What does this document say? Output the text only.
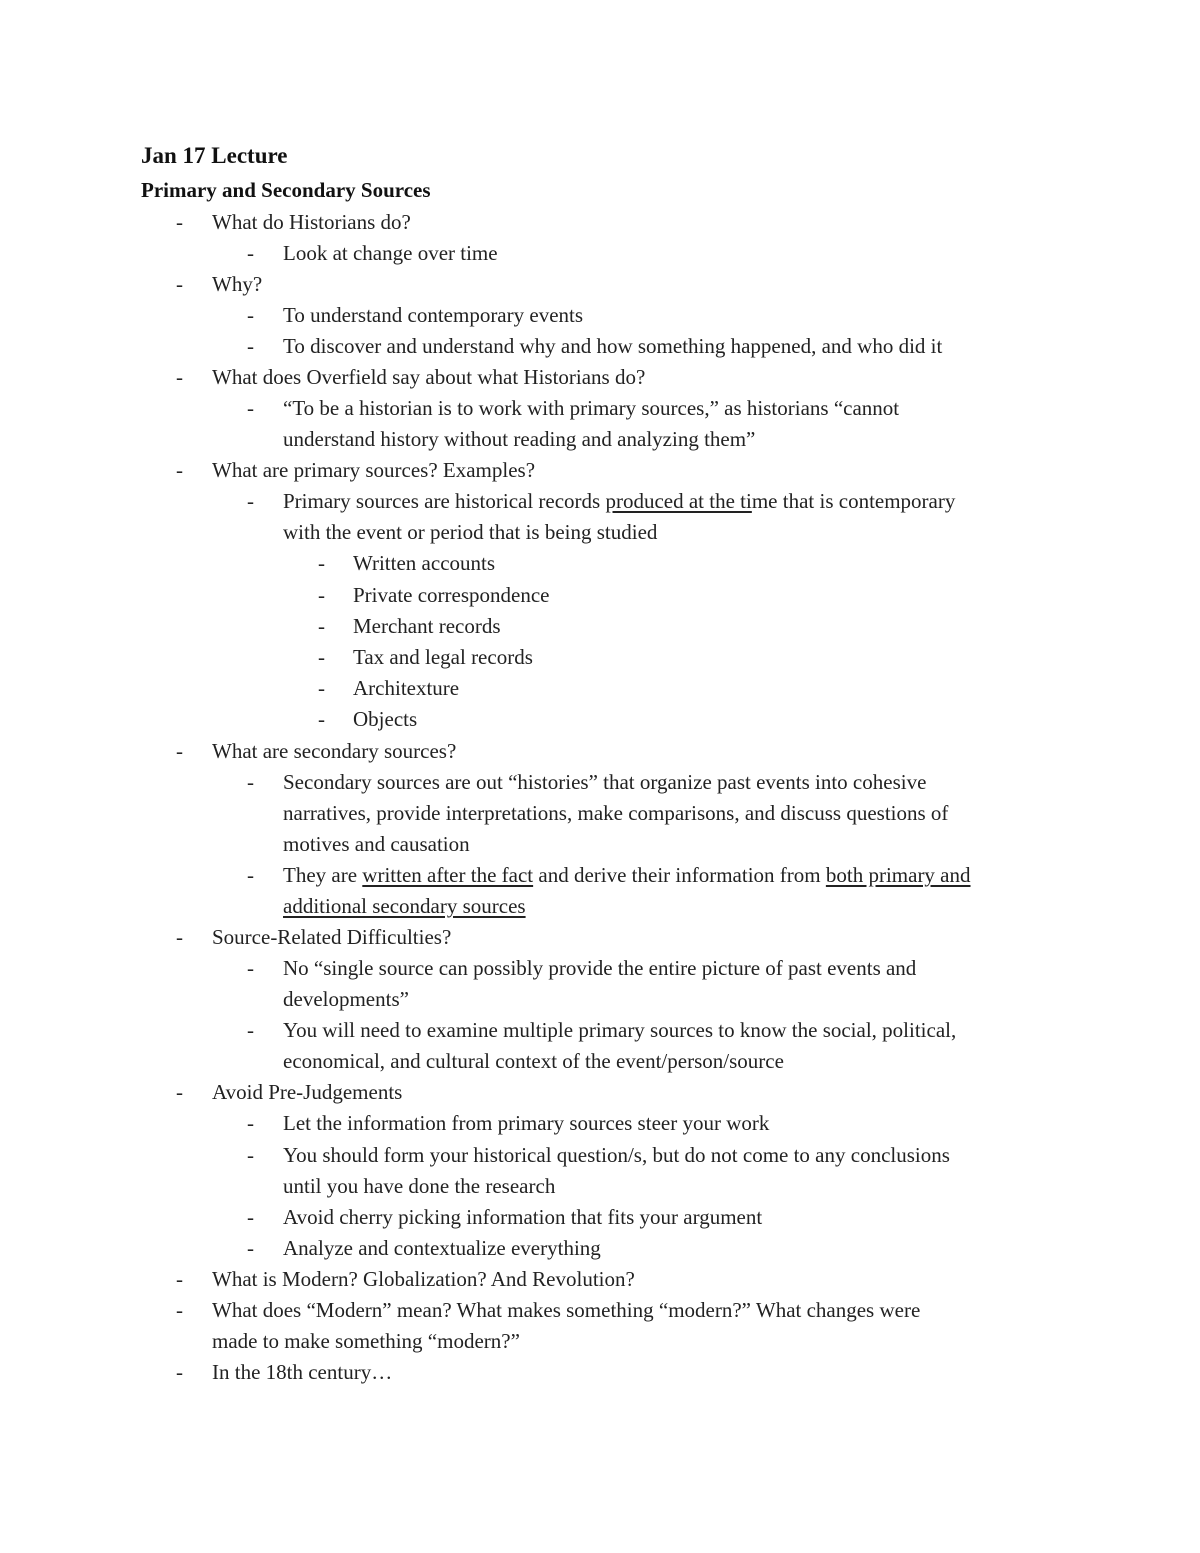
Jan 17 Lecture
Primary and Secondary Sources
- What do Historians do?
- Look at change over time
- Why?
- To understand contemporary events
- To discover and understand why and how something happened, and who did it
- What does Overfield say about what Historians do?
- “To be a historian is to work with primary sources,” as historians “cannot
understand history without reading and analyzing them”
- What are primary sources? Examples?
- Primary sources are historical records produced at the time that is contemporary
with the event or period that is being studied
- Written accounts
- Private correspondence
- Merchant records
- Tax and legal records
- Architexture
- Objects
- What are secondary sources?
- Secondary sources are out “histories” that organize past events into cohesive
narratives, provide interpretations, make comparisons, and discuss questions of
motives and causation
- They are written after the fact and derive their information from both primary and
additional secondary sources
- Source-Related Difficulties?
- No “single source can possibly provide the entire picture of past events and
developments”
- You will need to examine multiple primary sources to know the social, political,
economical, and cultural context of the event/person/source
- Avoid Pre-Judgements
- Let the information from primary sources steer your work
- You should form your historical question/s, but do not come to any conclusions
until you have done the research
- Avoid cherry picking information that fits your argument
- Analyze and contextualize everything
- What is Modern? Globalization? And Revolution?
- What does “Modern” mean? What makes something “modern?” What changes were
made to make something “modern?”
- In the 18th century…
